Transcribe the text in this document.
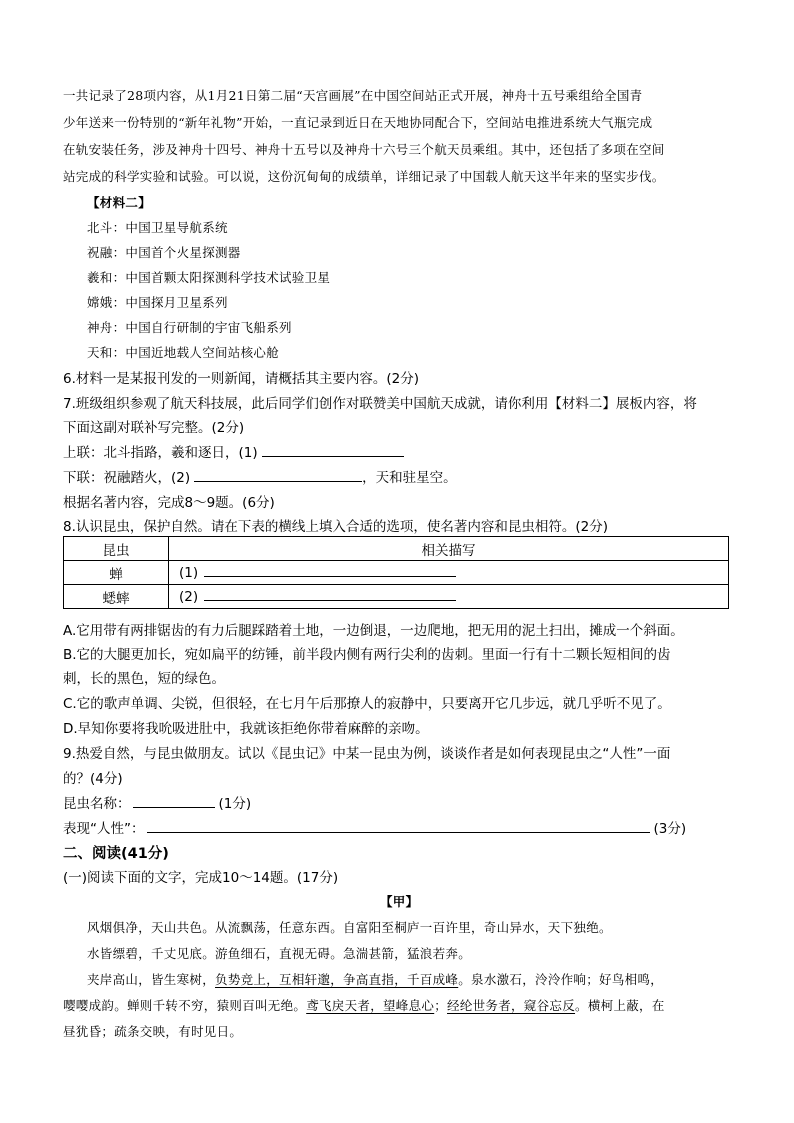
一共记录了28项内容，从1月21日第二届“天宫画展”在中国空间站正式开展，神舟十五号乘组给全国青
少年送来一份特别的“新年礼物”开始，一直记录到近日在天地协同配合下，空间站电推进系统大气瓶完成
在轨安装任务，涉及神舟十四号、神舟十五号以及神舟十六号三个航天员乘组。其中，还包括了多项在空间
站完成的科学实验和试验。可以说，这份沉甸甸的成绩单，详细记录了中国载人航天这半年来的坚实步伐。
【材料二】
北斗：中国卫星导航系统
祝融：中国首个火星探测器
羲和：中国首颗太阳探测科学技术试验卫星
嫦娥：中国探月卫星系列
神舟：中国自行研制的宇宙飞船系列
天和：中国近地载人空间站核心舱
6.材料一是某报刊发的一则新闻，请概括其主要内容。(2分)
7.班级组织参观了航天科技展，此后同学们创作对联赞美中国航天成就，请你利用【材料二】展板内容，将
下面这副对联补写完整。(2分)
上联：北斗指路，羲和逐日，(1)
下联：祝融踏火，(2)	，天和驻星空。
根据名著内容，完成8～9题。(6分)
8.认识昆虫，保护自然。请在下表的横线上填入合适的选项，使名著内容和昆虫相符。(2分)
昆虫	相关描写
蝉	(1)
蟋蟀	(2)
A.它用带有两排锯齿的有力后腿踩踏着土地，一边倒退，一边爬地，把无用的泥土扫出，摊成一个斜面。
B.它的大腿更加长，宛如扁平的纺锤，前半段内侧有两行尖利的齿刺。里面一行有十二颗长短相间的齿
刺，长的黑色，短的绿色。
C.它的歌声单调、尖锐，但很轻，在七月午后那撩人的寂静中，只要离开它几步远，就几乎听不见了。
D.早知你要将我吮吸进肚中，我就该拒绝你带着麻醉的亲吻。
9.热爱自然，与昆虫做朋友。试以《昆虫记》中某一昆虫为例，谈谈作者是如何表现昆虫之“人性”一面
的？(4分)
昆虫名称：	(1分)
表现“人性”：	(3分)
二、阅读(41分)
(一)阅读下面的文字，完成10～14题。(17分)
【甲】
风烟俱净，天山共色。从流飘荡，任意东西。自富阳至桐庐一百许里，奇山异水，天下独绝。
水皆缥碧，千丈见底。游鱼细石，直视无碍。急湍甚箭，猛浪若奔。
夹岸高山，皆生寒树，负势竞上，互相轩邈，争高直指，千百成峰。泉水激石，泠泠作响；好鸟相鸣，
嘤嘤成韵。蝉则千转不穷，猿则百叫无绝。鸢飞戾天者，望峰息心；经纶世务者，窥谷忘反。横柯上蔽，在
昼犹昏；疏条交映，有时见日。
